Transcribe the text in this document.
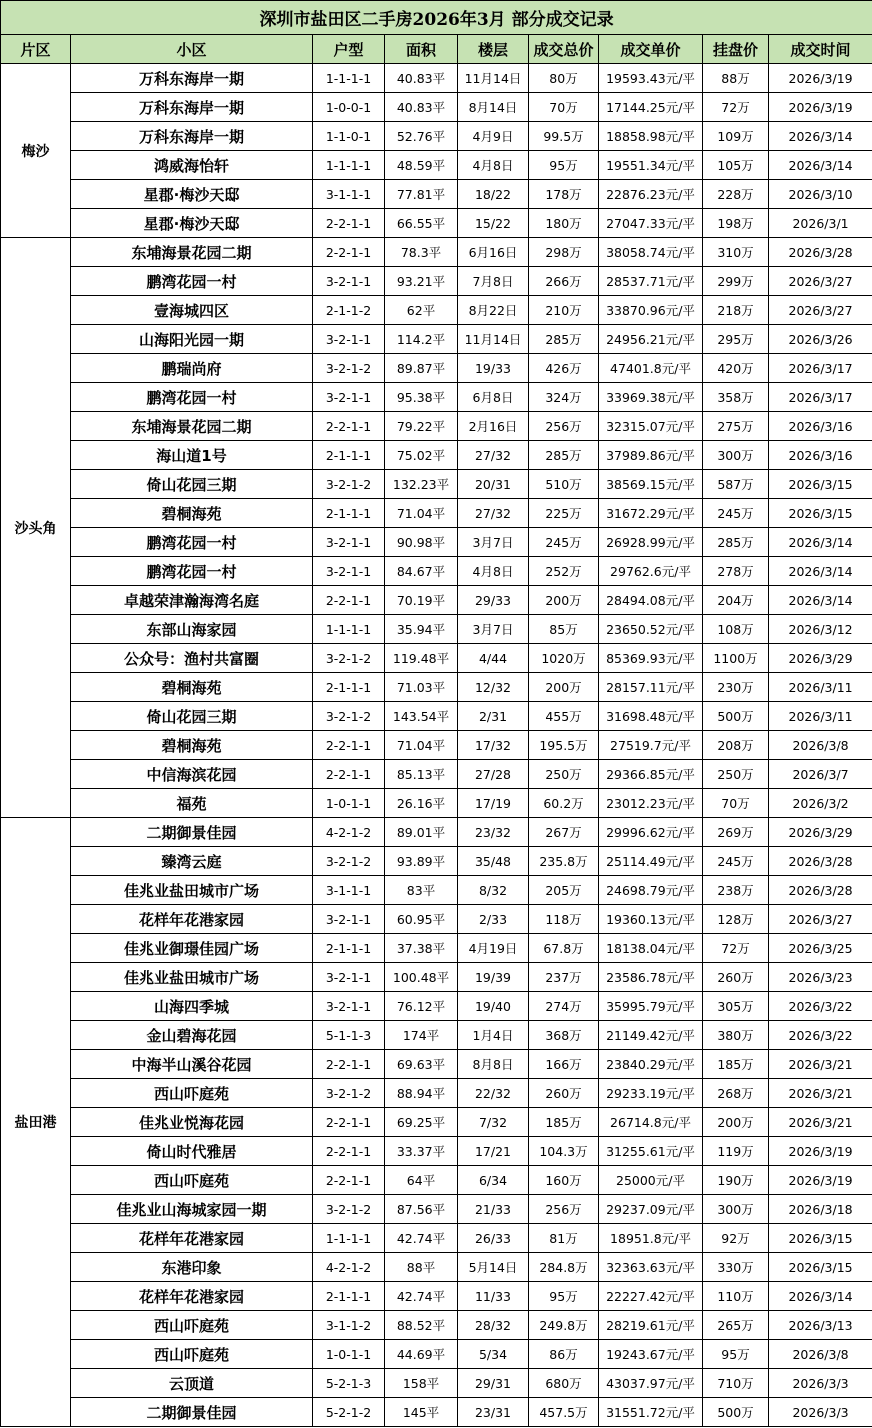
深圳市盐田区二手房2026年3月 部分成交记录								
片区	小区	户型	面积	楼层	成交总价	成交单价	挂盘价	成交时间
梅沙	万科东海岸一期	1-1-1-1	40.83平	11月14日	80万	19593.43元/平	88万	2026/3/19
	万科东海岸一期	1-0-0-1	40.83平	8月14日	70万	17144.25元/平	72万	2026/3/19
	万科东海岸一期	1-1-0-1	52.76平	4月9日	99.5万	18858.98元/平	109万	2026/3/14
	鸿威海怡轩	1-1-1-1	48.59平	4月8日	95万	19551.34元/平	105万	2026/3/14
	星郡·梅沙天邸	3-1-1-1	77.81平	18/22	178万	22876.23元/平	228万	2026/3/10
	星郡·梅沙天邸	2-2-1-1	66.55平	15/22	180万	27047.33元/平	198万	2026/3/1
沙头角	东埔海景花园二期	2-2-1-1	78.3平	6月16日	298万	38058.74元/平	310万	2026/3/28
	鹏湾花园一村	3-2-1-1	93.21平	7月8日	266万	28537.71元/平	299万	2026/3/27
	壹海城四区	2-1-1-2	62平	8月22日	210万	33870.96元/平	218万	2026/3/27
	山海阳光园一期	3-2-1-1	114.2平	11月14日	285万	24956.21元/平	295万	2026/3/26
	鹏瑞尚府	3-2-1-2	89.87平	19/33	426万	47401.8元/平	420万	2026/3/17
	鹏湾花园一村	3-2-1-1	95.38平	6月8日	324万	33969.38元/平	358万	2026/3/17
	东埔海景花园二期	2-2-1-1	79.22平	2月16日	256万	32315.07元/平	275万	2026/3/16
	海山道1号	2-1-1-1	75.02平	27/32	285万	37989.86元/平	300万	2026/3/16
	倚山花园三期	3-2-1-2	132.23平	20/31	510万	38569.15元/平	587万	2026/3/15
	碧桐海苑	2-1-1-1	71.04平	27/32	225万	31672.29元/平	245万	2026/3/15
	鹏湾花园一村	3-2-1-1	90.98平	3月7日	245万	26928.99元/平	285万	2026/3/14
	鹏湾花园一村	3-2-1-1	84.67平	4月8日	252万	29762.6元/平	278万	2026/3/14
	卓越荣津瀚海湾名庭	2-2-1-1	70.19平	29/33	200万	28494.08元/平	204万	2026/3/14
	东部山海家园	1-1-1-1	35.94平	3月7日	85万	23650.52元/平	108万	2026/3/12
	公众号：渔村共富圈	3-2-1-2	119.48平	4/44	1020万	85369.93元/平	1100万	2026/3/29
	碧桐海苑	2-1-1-1	71.03平	12/32	200万	28157.11元/平	230万	2026/3/11
	倚山花园三期	3-2-1-2	143.54平	2/31	455万	31698.48元/平	500万	2026/3/11
	碧桐海苑	2-2-1-1	71.04平	17/32	195.5万	27519.7元/平	208万	2026/3/8
	中信海滨花园	2-2-1-1	85.13平	27/28	250万	29366.85元/平	250万	2026/3/7
	福苑	1-0-1-1	26.16平	17/19	60.2万	23012.23元/平	70万	2026/3/2
盐田港	二期御景佳园	4-2-1-2	89.01平	23/32	267万	29996.62元/平	269万	2026/3/29
	臻湾云庭	3-2-1-2	93.89平	35/48	235.8万	25114.49元/平	245万	2026/3/28
	佳兆业盐田城市广场	3-1-1-1	83平	8/32	205万	24698.79元/平	238万	2026/3/28
	花样年花港家园	3-2-1-1	60.95平	2/33	118万	19360.13元/平	128万	2026/3/27
	佳兆业御璟佳园广场	2-1-1-1	37.38平	4月19日	67.8万	18138.04元/平	72万	2026/3/25
	佳兆业盐田城市广场	3-2-1-1	100.48平	19/39	237万	23586.78元/平	260万	2026/3/23
	山海四季城	3-2-1-1	76.12平	19/40	274万	35995.79元/平	305万	2026/3/22
	金山碧海花园	5-1-1-3	174平	1月4日	368万	21149.42元/平	380万	2026/3/22
	中海半山溪谷花园	2-2-1-1	69.63平	8月8日	166万	23840.29元/平	185万	2026/3/21
	西山吓庭苑	3-2-1-2	88.94平	22/32	260万	29233.19元/平	268万	2026/3/21
	佳兆业悦海花园	2-2-1-1	69.25平	7/32	185万	26714.8元/平	200万	2026/3/21
	倚山时代雅居	2-2-1-1	33.37平	17/21	104.3万	31255.61元/平	119万	2026/3/19
	西山吓庭苑	2-2-1-1	64平	6/34	160万	25000元/平	190万	2026/3/19
	佳兆业山海城家园一期	3-2-1-2	87.56平	21/33	256万	29237.09元/平	300万	2026/3/18
	花样年花港家园	1-1-1-1	42.74平	26/33	81万	18951.8元/平	92万	2026/3/15
	东港印象	4-2-1-2	88平	5月14日	284.8万	32363.63元/平	330万	2026/3/15
	花样年花港家园	2-1-1-1	42.74平	11/33	95万	22227.42元/平	110万	2026/3/14
	西山吓庭苑	3-1-1-2	88.52平	28/32	249.8万	28219.61元/平	265万	2026/3/13
	西山吓庭苑	1-0-1-1	44.69平	5/34	86万	19243.67元/平	95万	2026/3/8
	云顶道	5-2-1-3	158平	29/31	680万	43037.97元/平	710万	2026/3/3
	二期御景佳园	5-2-1-2	145平	23/31	457.5万	31551.72元/平	500万	2026/3/3
